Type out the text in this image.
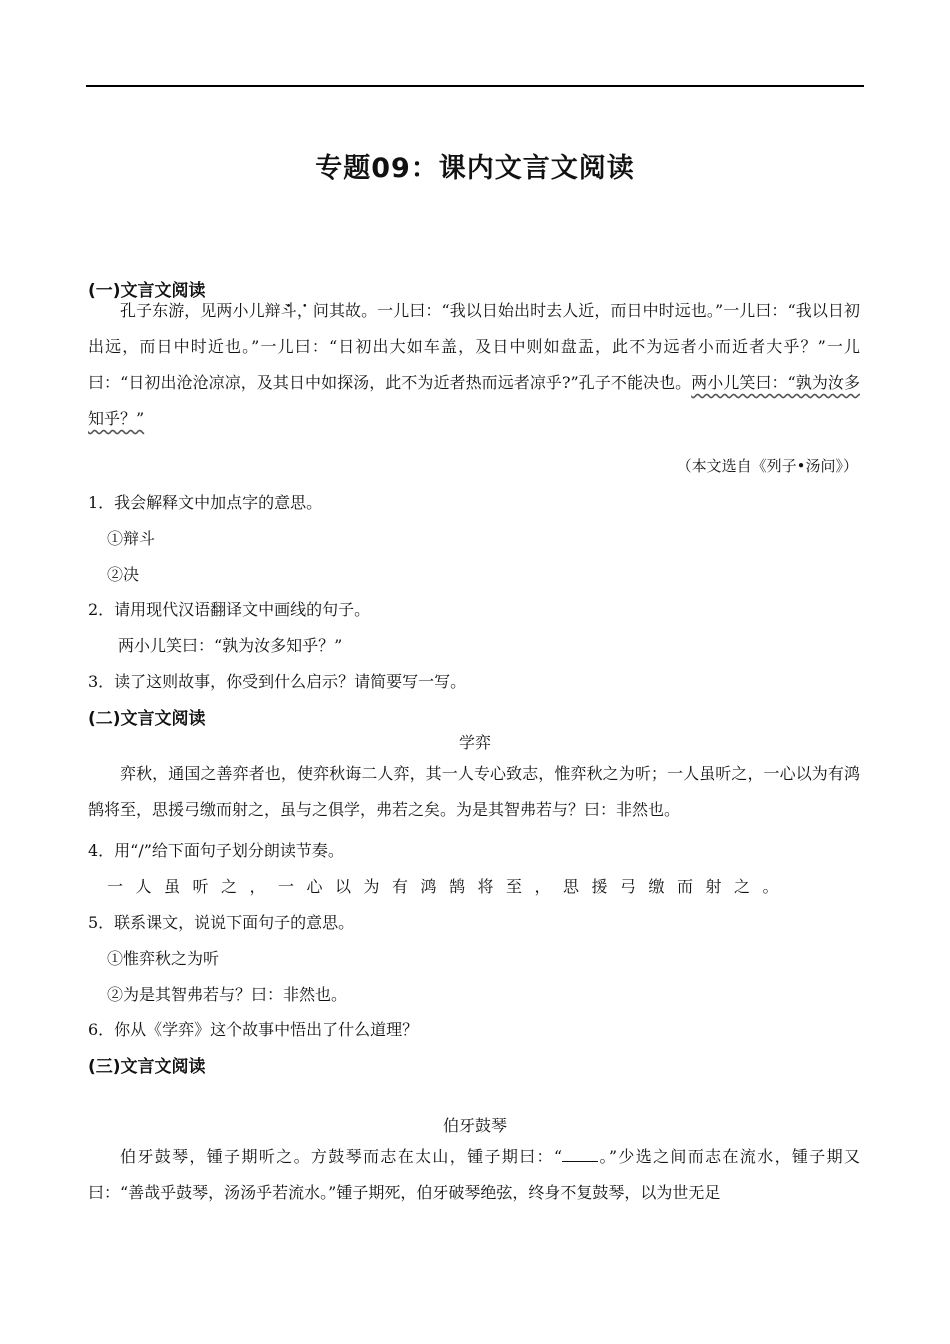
专题09：课内文言文阅读
(一)文言文阅读
孔子东游，见两小儿辩 •斗 •，问其故。一儿曰：“我以日始出时去人近，而日中时远也。”一儿曰：“我以日初出远，而日中时近也。”一儿曰：“日初出大如车盖，及日中则如盘盂，此不为远者小而近者大乎？”一儿曰：“日初出沧沧凉凉，及其日中如探汤，此不为近者热而远者凉乎?”孔子不能决 •也。两小儿笑曰：“孰为汝多知乎？”
（本文选自《列子•汤问》）
1．我会解释文中加点字的意思。
①辩斗
②决
2．请用现代汉语翻译文中画线的句子。
两小儿笑曰：“孰为汝多知乎？”
3．读了这则故事，你受到什么启示？请简要写一写。
(二)文言文阅读
学弈
弈秋，通国之善弈者也，使弈秋诲二人弈，其一人专心致志，惟弈秋之为听；一人虽听之，一心以为有鸿鹄将至，思援弓缴而射之，虽与之俱学，弗若之矣。为是其智弗若与？曰：非然也。
4．用“/”给下面句子划分朗读节奏。
一人虽听之，一心以为有鸿鹄将至，思援弓缴而射之。
5．联系课文，说说下面句子的意思。
①惟弈秋之为听
②为是其智弗若与？曰：非然也。
6．你从《学弈》这个故事中悟出了什么道理？
(三)文言文阅读
伯牙鼓琴
伯牙鼓琴，锺子期听之。方鼓琴而志在太山，锺子期曰：“ 。”少选之间而志在流水，锺子期又曰：“善哉乎鼓琴，汤汤乎若流水。”锺子期死，伯牙破琴绝弦，终身不复鼓琴，以为世无足
